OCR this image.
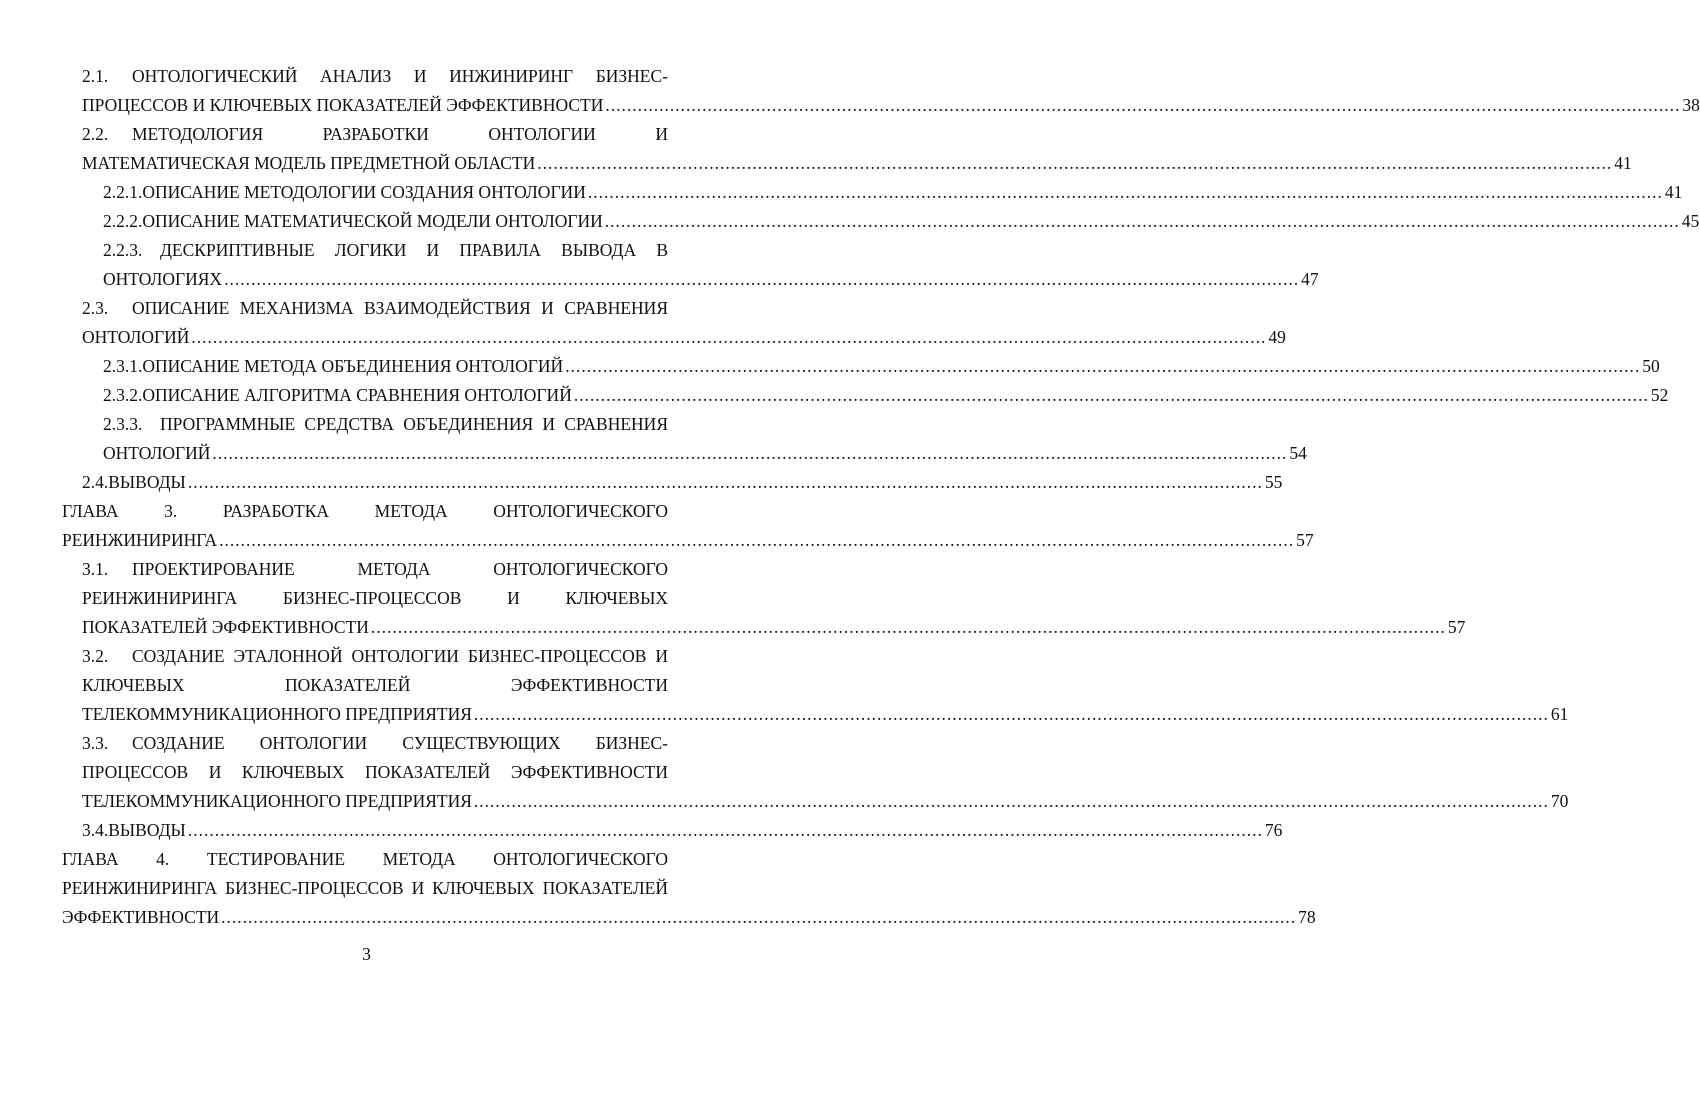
2.1.	ОНТОЛОГИЧЕСКИЙ АНАЛИЗ И ИНЖИНИРИНГ БИЗНЕС-
ПРОЦЕССОВ И КЛЮЧЕВЫХ ПОКАЗАТЕЛЕЙ ЭФФЕКТИВНОСТИ ........................................................................................................................................................................................................ 38
2.2.	МЕТОДОЛОГИЯ РАЗРАБОТКИ ОНТОЛОГИИ И
МАТЕМАТИЧЕСКАЯ МОДЕЛЬ ПРЕДМЕТНОЙ ОБЛАСТИ ........................................................................................................................................................................................................ 41
2.2.1. ОПИСАНИЕ МЕТОДОЛОГИИ СОЗДАНИЯ ОНТОЛОГИИ ........................................................................................................................................................................................................ 41
2.2.2. ОПИСАНИЕ МАТЕМАТИЧЕСКОЙ МОДЕЛИ ОНТОЛОГИИ ........................................................................................................................................................................................................ 45
2.2.3.	ДЕСКРИПТИВНЫЕ ЛОГИКИ И ПРАВИЛА ВЫВОДА В
ОНТОЛОГИЯХ ........................................................................................................................................................................................................ 47
2.3.	ОПИСАНИЕ МЕХАНИЗМА ВЗАИМОДЕЙСТВИЯ И СРАВНЕНИЯ
ОНТОЛОГИЙ ........................................................................................................................................................................................................ 49
2.3.1. ОПИСАНИЕ МЕТОДА ОБЪЕДИНЕНИЯ ОНТОЛОГИЙ ........................................................................................................................................................................................................ 50
2.3.2. ОПИСАНИЕ АЛГОРИТМА СРАВНЕНИЯ ОНТОЛОГИЙ ........................................................................................................................................................................................................ 52
2.3.3.	ПРОГРАММНЫЕ СРЕДСТВА ОБЪЕДИНЕНИЯ И СРАВНЕНИЯ
ОНТОЛОГИЙ ........................................................................................................................................................................................................ 54
2.4. ВЫВОДЫ ........................................................................................................................................................................................................ 55
ГЛАВА 3. РАЗРАБОТКА МЕТОДА ОНТОЛОГИЧЕСКОГО
РЕИНЖИНИРИНГА ........................................................................................................................................................................................................ 57
3.1.	ПРОЕКТИРОВАНИЕ МЕТОДА ОНТОЛОГИЧЕСКОГО
РЕИНЖИНИРИНГА БИЗНЕС-ПРОЦЕССОВ И КЛЮЧЕВЫХ
ПОКАЗАТЕЛЕЙ ЭФФЕКТИВНОСТИ ........................................................................................................................................................................................................ 57
3.2.	СОЗДАНИЕ ЭТАЛОННОЙ ОНТОЛОГИИ БИЗНЕС-ПРОЦЕССОВ И
КЛЮЧЕВЫХ ПОКАЗАТЕЛЕЙ ЭФФЕКТИВНОСТИ
ТЕЛЕКОММУНИКАЦИОННОГО ПРЕДПРИЯТИЯ ........................................................................................................................................................................................................ 61
3.3.	СОЗДАНИЕ ОНТОЛОГИИ СУЩЕСТВУЮЩИХ БИЗНЕС-
ПРОЦЕССОВ И КЛЮЧЕВЫХ ПОКАЗАТЕЛЕЙ ЭФФЕКТИВНОСТИ
ТЕЛЕКОММУНИКАЦИОННОГО ПРЕДПРИЯТИЯ ........................................................................................................................................................................................................ 70
3.4. ВЫВОДЫ ........................................................................................................................................................................................................ 76
ГЛАВА 4. ТЕСТИРОВАНИЕ МЕТОДА ОНТОЛОГИЧЕСКОГО
РЕИНЖИНИРИНГА БИЗНЕС-ПРОЦЕССОВ И КЛЮЧЕВЫХ ПОКАЗАТЕЛЕЙ
ЭФФЕКТИВНОСТИ ........................................................................................................................................................................................................ 78
3
